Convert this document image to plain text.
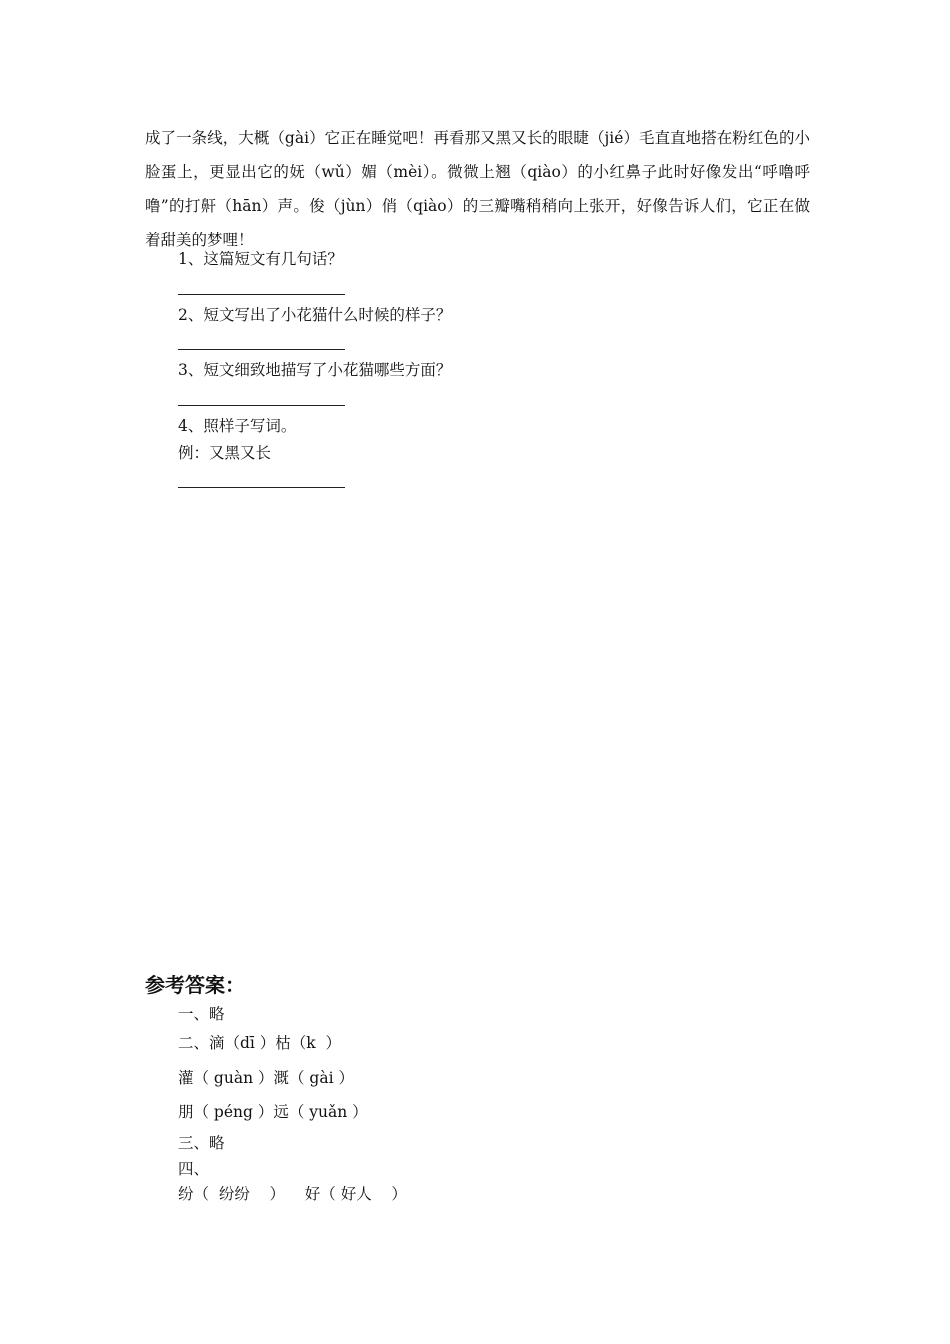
成了一条线，大概（gài）它正在睡觉吧！再看那又黑又长的眼睫（jié）毛直直地搭在粉红色的小脸蛋上，更显出它的妩（wǔ）媚（mèi）。微微上翘（qiào）的小红鼻子此时好像发出“呼噜呼噜”的打鼾（hān）声。俊（jùn）俏（qiào）的三瓣嘴稍稍向上张开，好像告诉人们，它正在做着甜美的梦哩！

1、这篇短文有几句话？
2、短文写出了小花猫什么时候的样子？
3、短文细致地描写了小花猫哪些方面？
4、照样子写词。
例：又黑又长
参考答案：
一、略
二、滴（dī ）枯（k  ）
灌（ guàn ）溉（ gài ）
朋（ péng ）远（ yuǎn ）
三、略
四、
纷（  纷纷    ）    好（ 好人    ）
